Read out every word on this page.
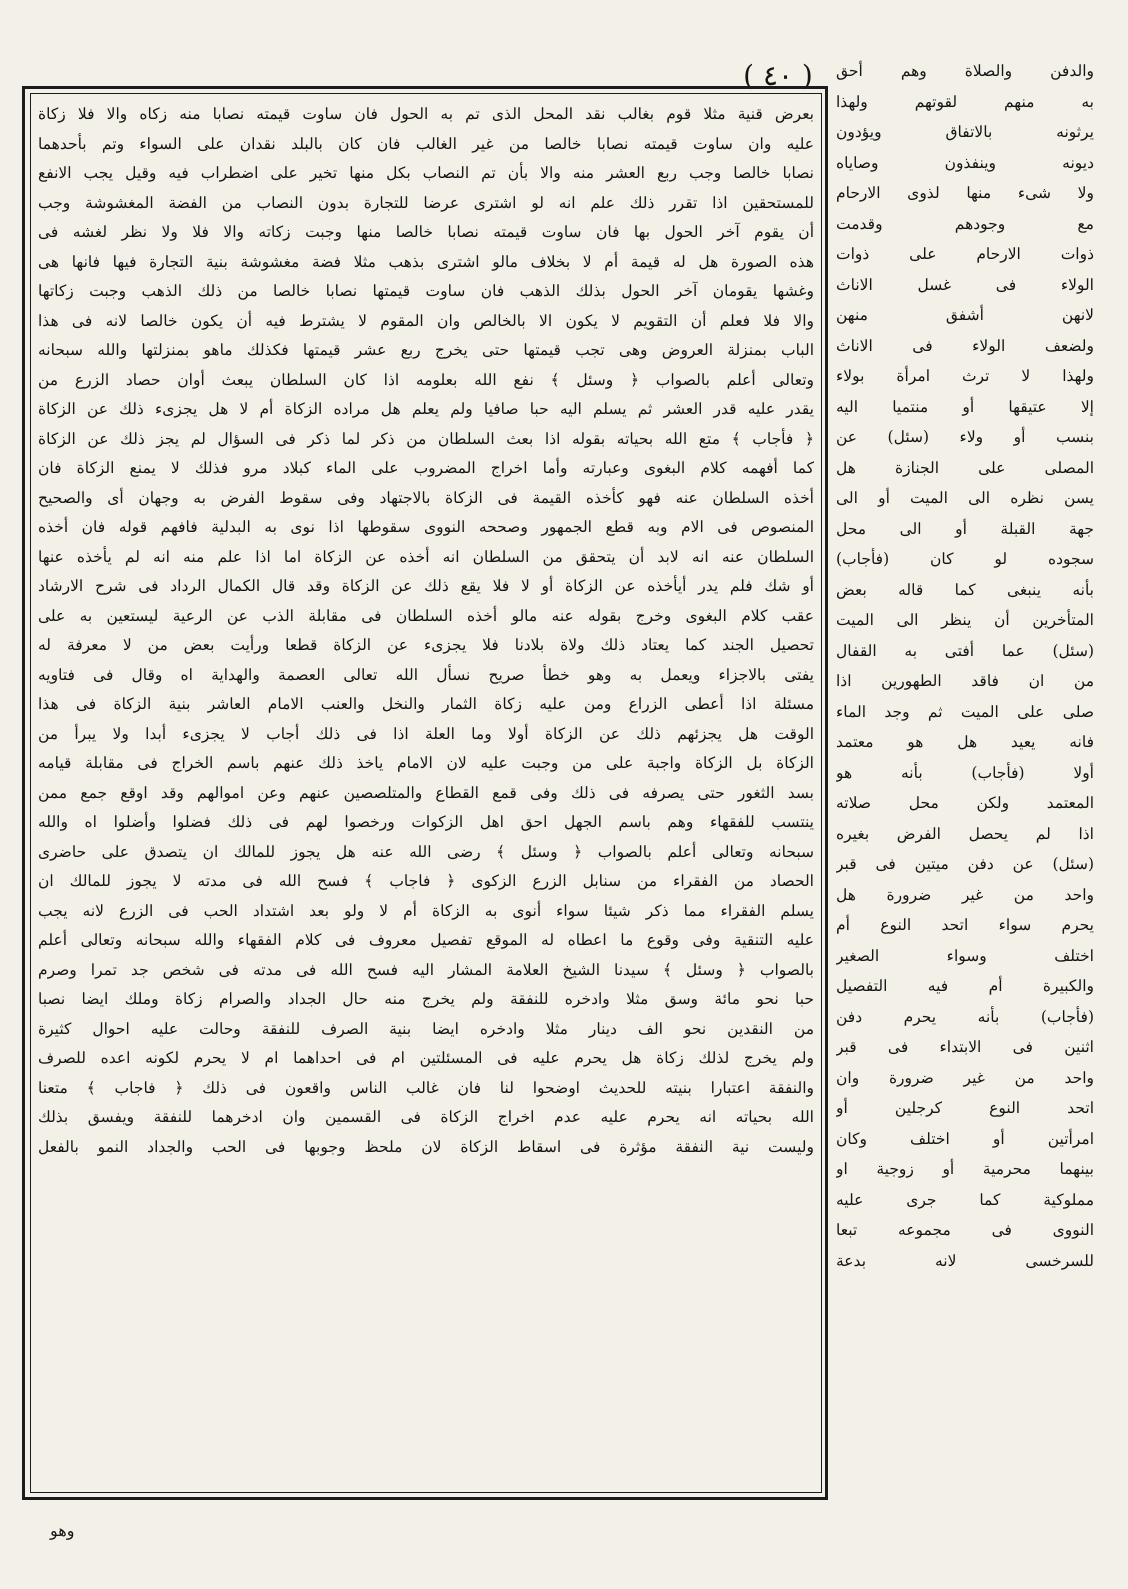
( ٤٠ )
بعرض قنية مثلا قوم بغالب نقد المحل الذى تم به الحول فان ساوت قيمته نصابا منه زكاه والا فلا زكاة
عليه وان ساوت قيمته نصابا خالصا من غير الغالب فان كان بالبلد نقدان على السواء وتم بأحدهما
نصابا خالصا وجب ربع العشر منه والا بأن تم النصاب بكل منها تخير على اضطراب فيه وقيل يجب الانفع
للمستحقين اذا تقرر ذلك علم انه لو اشترى عرضا للتجارة بدون النصاب من الفضة المغشوشة وجب
أن يقوم آخر الحول بها فان ساوت قيمته نصابا خالصا منها وجبت زكاته والا فلا ولا نظر لغشه فى
هذه الصورة هل له قيمة أم لا بخلاف مالو اشترى بذهب مثلا فضة مغشوشة بنية التجارة فيها فانها هى
وغشها يقومان آخر الحول بذلك الذهب فان ساوت قيمتها نصابا خالصا من ذلك الذهب وجبت زكاتها
والا فلا فعلم أن التقويم لا يكون الا بالخالص وان المقوم لا يشترط فيه أن يكون خالصا لانه فى هذا
الباب بمنزلة العروض وهى تجب قيمتها حتى يخرج ربع عشر قيمتها فكذلك ماهو بمنزلتها والله سبحانه
وتعالى أعلم بالصواب ﴿ وسئل ﴾ نفع الله بعلومه اذا كان السلطان يبعث أوان حصاد الزرع من
يقدر عليه قدر العشر ثم يسلم اليه حبا صافيا ولم يعلم هل مراده الزكاة أم لا هل يجزىء ذلك عن الزكاة
﴿ فأجاب ﴾ متع الله بحياته بقوله اذا بعث السلطان من ذكر لما ذكر فى السؤال لم يجز ذلك عن الزكاة
كما أفهمه كلام البغوى وعبارته وأما اخراج المضروب على الماء كبلاد مرو فذلك لا يمنع الزكاة فان
أخذه السلطان عنه فهو كأخذه القيمة فى الزكاة بالاجتهاد وفى سقوط الفرض به وجهان أى والصحيح
المنصوص فى الام وبه قطع الجمهور وصححه النووى سقوطها اذا نوى به البدلية فافهم قوله فان أخذه
السلطان عنه انه لابد أن يتحقق من السلطان انه أخذه عن الزكاة اما اذا علم منه انه لم يأخذه عنها
أو شك فلم يدر أيأخذه عن الزكاة أو لا فلا يقع ذلك عن الزكاة وقد قال الكمال الرداد فى شرح الارشاد
عقب كلام البغوى وخرج بقوله عنه مالو أخذه السلطان فى مقابلة الذب عن الرعية ليستعين به على
تحصيل الجند كما يعتاد ذلك ولاة بلادنا فلا يجزىء عن الزكاة قطعا ورأيت بعض من لا معرفة له
يفتى بالاجزاء ويعمل به وهو خطأ صريح نسأل الله تعالى العصمة والهداية اه وقال فى فتاويه
مسئلة اذا أعطى الزراع ومن عليه زكاة الثمار والنخل والعنب الامام العاشر بنية الزكاة فى هذا
الوقت هل يجزئهم ذلك عن الزكاة أولا وما العلة اذا فى ذلك أجاب لا يجزىء أبدا ولا يبرأ من
الزكاة بل الزكاة واجبة على من وجبت عليه لان الامام ياخذ ذلك عنهم باسم الخراج فى مقابلة قيامه
بسد الثغور حتى يصرفه فى ذلك وفى قمع القطاع والمتلصصين عنهم وعن اموالهم وقد اوقع جمع ممن
ينتسب للفقهاء وهم باسم الجهل احق اهل الزكوات ورخصوا لهم فى ذلك فضلوا وأضلوا اه والله
سبحانه وتعالى أعلم بالصواب ﴿ وسئل ﴾ رضى الله عنه هل يجوز للمالك ان يتصدق على حاضرى
الحصاد من الفقراء من سنابل الزرع الزكوى ﴿ فاجاب ﴾ فسح الله فى مدته لا يجوز للمالك ان
يسلم الفقراء مما ذكر شيئا سواء أنوى به الزكاة أم لا ولو بعد اشتداد الحب فى الزرع لانه يجب
عليه التنقية وفى وقوع ما اعطاه له الموقع تفصيل معروف فى كلام الفقهاء والله سبحانه وتعالى أعلم
بالصواب ﴿ وسئل ﴾ سيدنا الشيخ العلامة المشار اليه فسح الله فى مدته فى شخص جد تمرا وصرم
حبا نحو مائة وسق مثلا وادخره للنفقة ولم يخرج منه حال الجداد والصرام زكاة وملك ايضا نصبا
من النقدين نحو الف دينار مثلا وادخره ايضا بنية الصرف للنفقة وحالت عليه احوال كثيرة
ولم يخرج لذلك زكاة هل يحرم عليه فى المسئلتين ام فى احداهما ام لا يحرم لكونه اعده للصرف
والنفقة اعتبارا بنيته للحديث اوضحوا لنا فان غالب الناس واقعون فى ذلك ﴿ فاجاب ﴾ متعنا
الله بحياته انه يحرم عليه عدم اخراج الزكاة فى القسمين وان ادخرهما للنفقة ويفسق بذلك
وليست نية النفقة مؤثرة فى اسقاط الزكاة لان ملحظ وجوبها فى الحب والجداد النمو بالفعل
والدفن والصلاة وهم أحق
به منهم لقوتهم ولهذا
يرثونه بالاتفاق ويؤدون
ديونه وينفذون وصاياه
ولا شىء منها لذوى الارحام
مع وجودهم وقدمت
ذوات الارحام على ذوات
الولاء فى غسل الاناث
لانهن أشفق منهن
ولضعف الولاء فى الاناث
ولهذا لا ترث امرأة بولاء
إلا عتيقها أو منتميا اليه
بنسب أو ولاء (سئل) عن
المصلى على الجنازة هل
يسن نظره الى الميت أو الى
جهة القبلة أو الى محل
سجوده لو كان (فأجاب)
بأنه ينبغى كما قاله بعض
المتأخرين أن ينظر الى الميت
(سئل) عما أفتى به القفال
من ان فاقد الطهورين اذا
صلى على الميت ثم وجد الماء
فانه يعيد هل هو معتمد
أولا (فأجاب) بأنه هو
المعتمد ولكن محل صلاته
اذا لم يحصل الفرض بغيره
(سئل) عن دفن ميتين فى قبر
واحد من غير ضرورة هل
يحرم سواء اتحد النوع أم
اختلف وسواء الصغير
والكبيرة أم فيه التفصيل
(فأجاب) بأنه يحرم دفن
اثنين فى الابتداء فى قبر
واحد من غير ضرورة وان
اتحد النوع كرجلين أو
امرأتين أو اختلف وكان
بينهما محرمية أو زوجية او
مملوكية كما جرى عليه
النووى فى مجموعه تبعا
للسرخسى لانه بدعة
وهو
